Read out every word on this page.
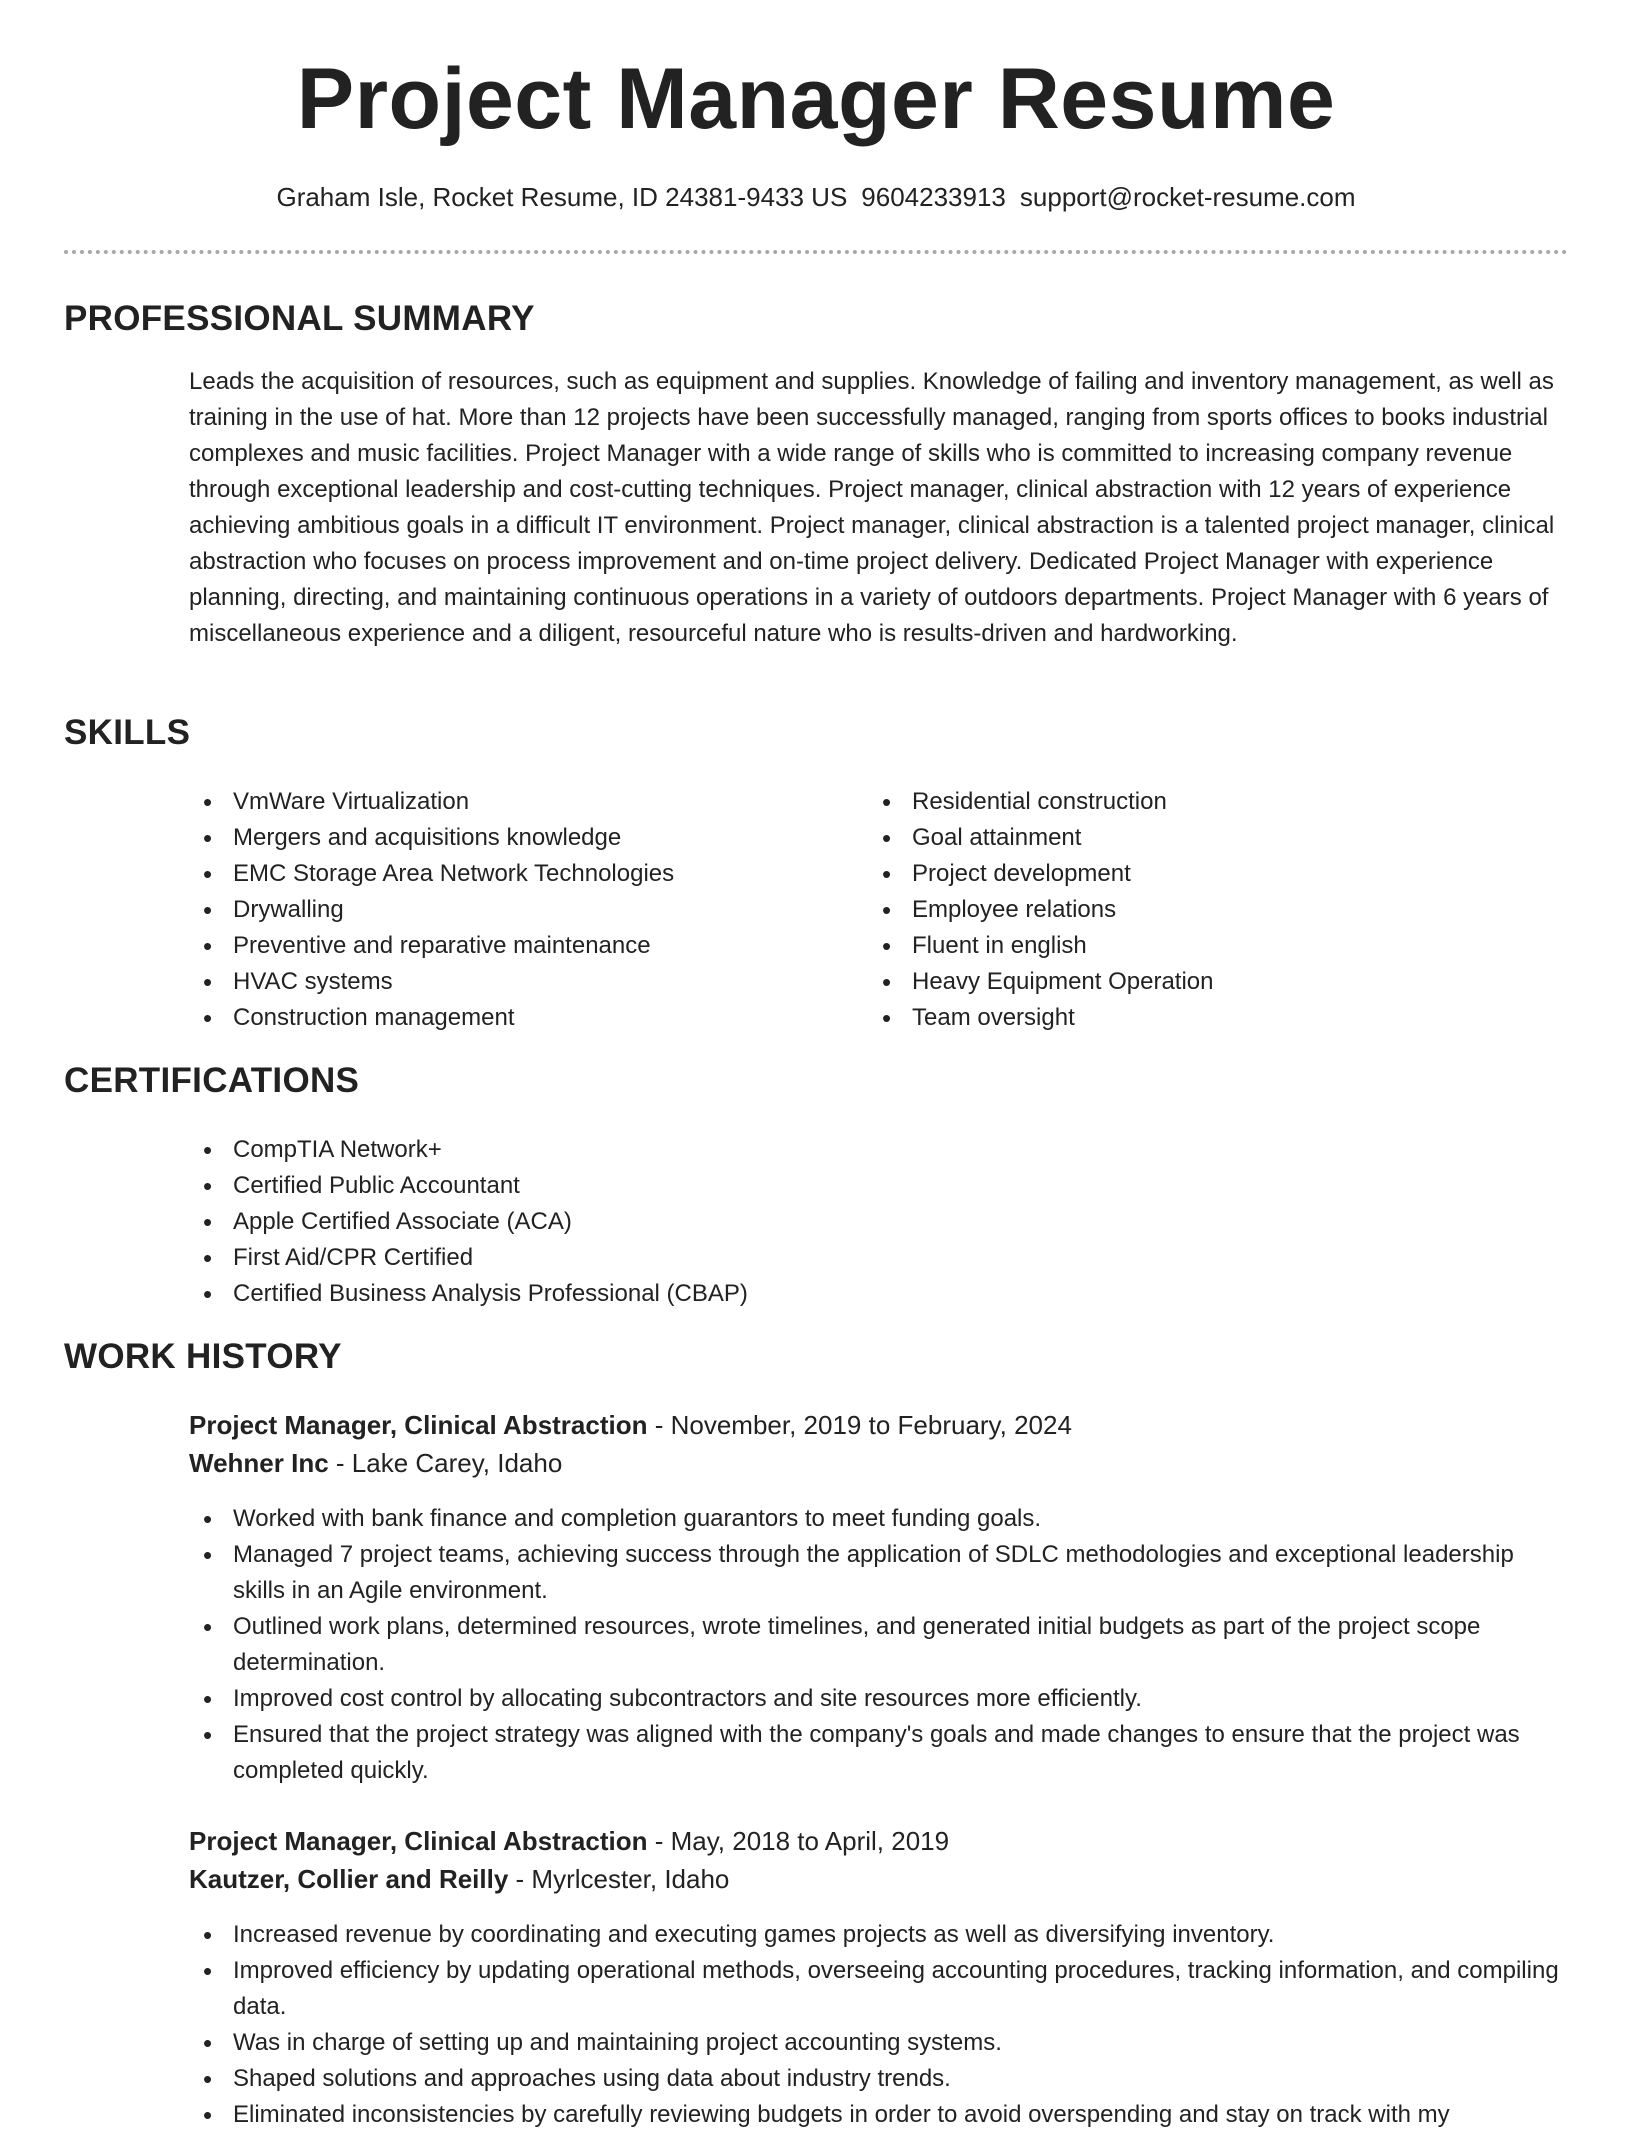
Project Manager Resume
Graham Isle, Rocket Resume, ID 24381-9433 US 9604233913 support@rocket-resume.com
PROFESSIONAL SUMMARY

Leads the acquisition of resources, such as equipment and supplies. Knowledge of failing and inventory management, as well as training in the use of hat. More than 12 projects have been successfully managed, ranging from sports offices to books industrial complexes and music facilities. Project Manager with a wide range of skills who is committed to increasing company revenue through exceptional leadership and cost-cutting techniques. Project manager, clinical abstraction with 12 years of experience achieving ambitious goals in a difficult IT environment. Project manager, clinical abstraction is a talented project manager, clinical abstraction who focuses on process improvement and on-time project delivery. Dedicated Project Manager with experience planning, directing, and maintaining continuous operations in a variety of outdoors departments. Project Manager with 6 years of miscellaneous experience and a diligent, resourceful nature who is results-driven and hardworking.

SKILLS
• VmWare Virtualization
• Mergers and acquisitions knowledge
• EMC Storage Area Network Technologies
• Drywalling
• Preventive and reparative maintenance
• HVAC systems
• Construction management
• Residential construction
• Goal attainment
• Project development
• Employee relations
• Fluent in english
• Heavy Equipment Operation
• Team oversight
CERTIFICATIONS
• CompTIA Network+
• Certified Public Accountant
• Apple Certified Associate (ACA)
• First Aid/CPR Certified
• Certified Business Analysis Professional (CBAP)
WORK HISTORY
Project Manager, Clinical Abstraction - November, 2019 to February, 2024
Wehner Inc - Lake Carey, Idaho
• Worked with bank finance and completion guarantors to meet funding goals.
• Managed 7 project teams, achieving success through the application of SDLC methodologies and exceptional leadership skills in an Agile environment.
• Outlined work plans, determined resources, wrote timelines, and generated initial budgets as part of the project scope determination.
• Improved cost control by allocating subcontractors and site resources more efficiently.
• Ensured that the project strategy was aligned with the company's goals and made changes to ensure that the project was completed quickly.
Project Manager, Clinical Abstraction - May, 2018 to April, 2019
Kautzer, Collier and Reilly - Myrlcester, Idaho
• Increased revenue by coordinating and executing games projects as well as diversifying inventory.
• Improved efficiency by updating operational methods, overseeing accounting procedures, tracking information, and compiling data.
• Was in charge of setting up and maintaining project accounting systems.
• Shaped solutions and approaches using data about industry trends.
• Eliminated inconsistencies by carefully reviewing budgets in order to avoid overspending and stay on track with my
